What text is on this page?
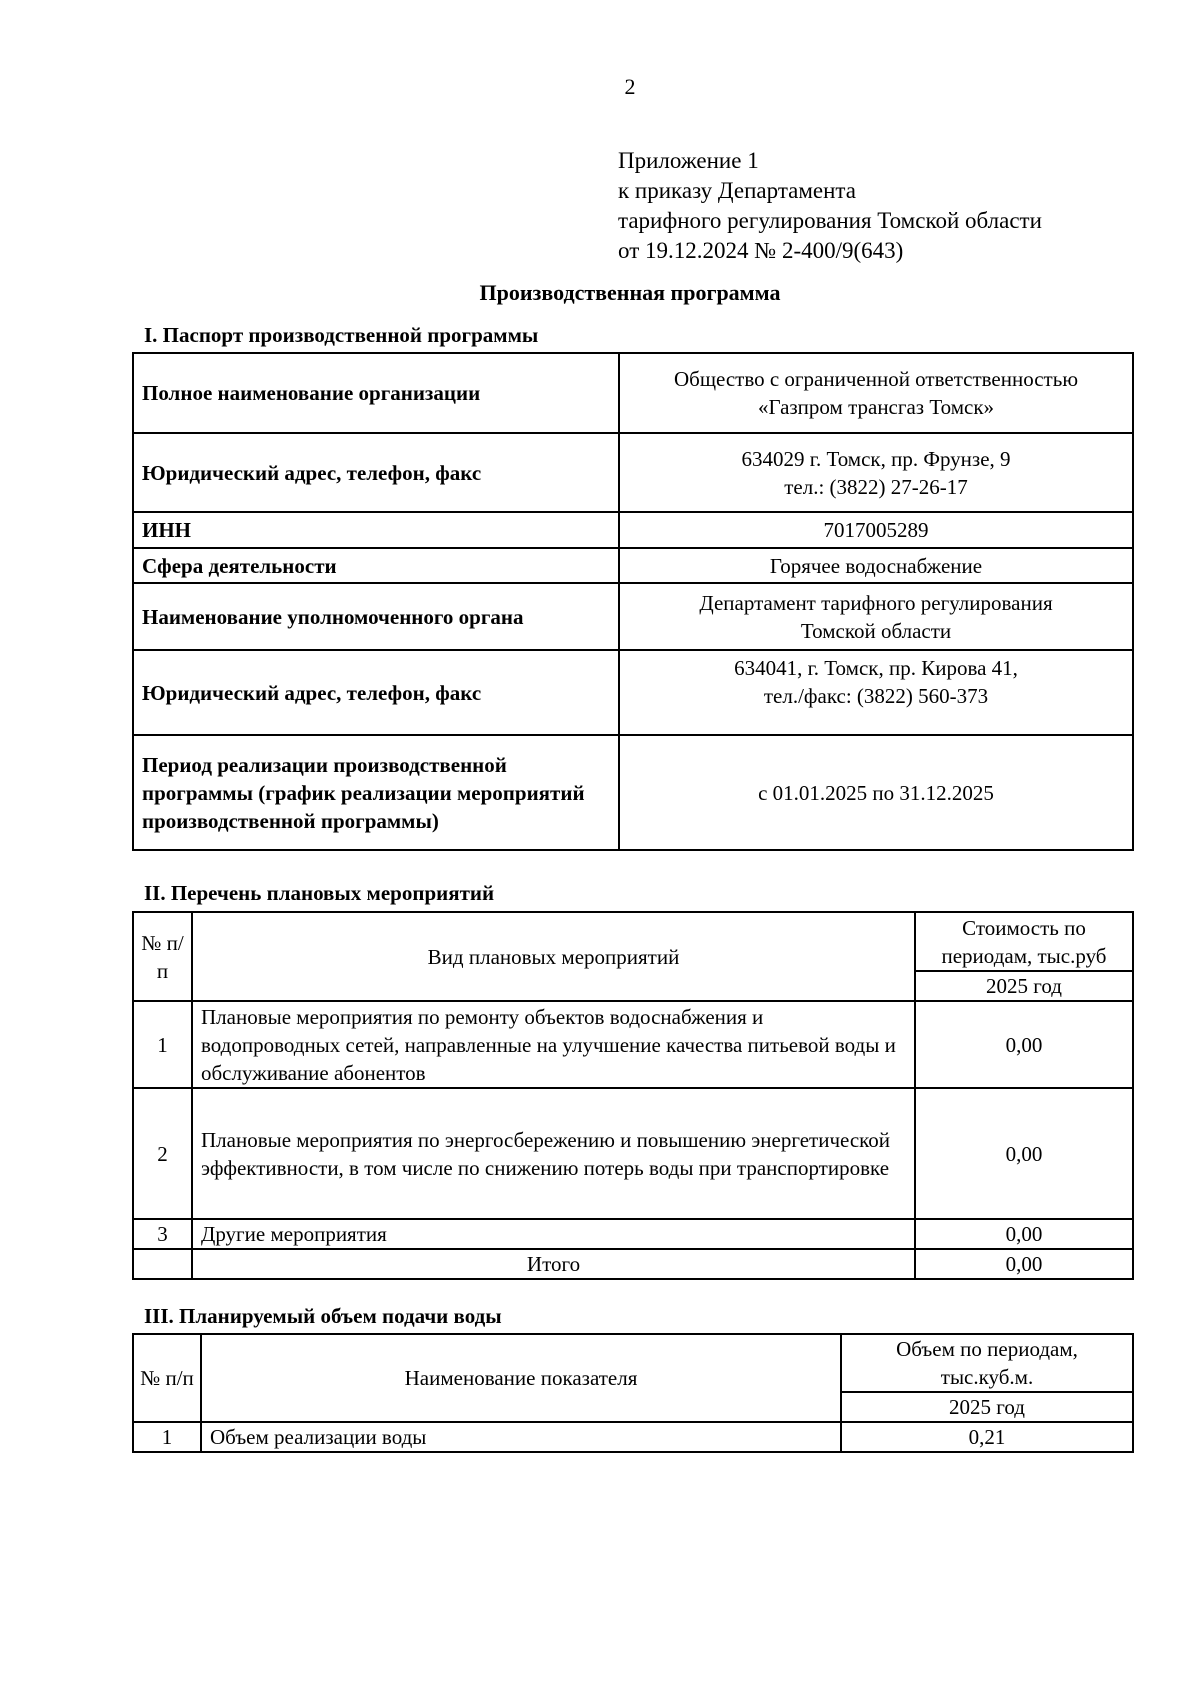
2
Приложение 1
к приказу Департамента
тарифного регулирования Томской области
от 19.12.2024 № 2-400/9(643)
Производственная программа
I. Паспорт производственной программы
Полное наименование организации	Общество с ограниченной ответственностью
«Газпром трансгаз Томск»

Юридический адрес, телефон, факс	634029 г. Томск, пр. Фрунзе, 9
тел.: (3822) 27-26-17

ИНН	7017005289
Сфера деятельности	Горячее водоснабжение
Наименование уполномоченного органа	Департамент тарифного регулирования
Томской области

Юридический адрес, телефон, факс	634041, г. Томск, пр. Кирова 41,
тел./факс: (3822) 560-373

Период реализации производственной программы (график реализации мероприятий производственной программы)	с 01.01.2025 по 31.12.2025
II. Перечень плановых мероприятий
№ п/п	Вид плановых мероприятий	Стоимость по периодам, тыс.руб
		2025 год
1	Плановые мероприятия по ремонту объектов водоснабжения и водопроводных сетей, направленные на улучшение качества питьевой воды и обслуживание абонентов	0,00
2	Плановые мероприятия по энергосбережению и повышению энергетической эффективности, в том числе по снижению потерь воды при транспортировке	0,00
3	Другие мероприятия	0,00
	Итого	0,00
III. Планируемый объем подачи воды
№ п/п	Наименование показателя	Объем по периодам, тыс.куб.м.
		2025 год
1	Объем реализации воды	0,21
